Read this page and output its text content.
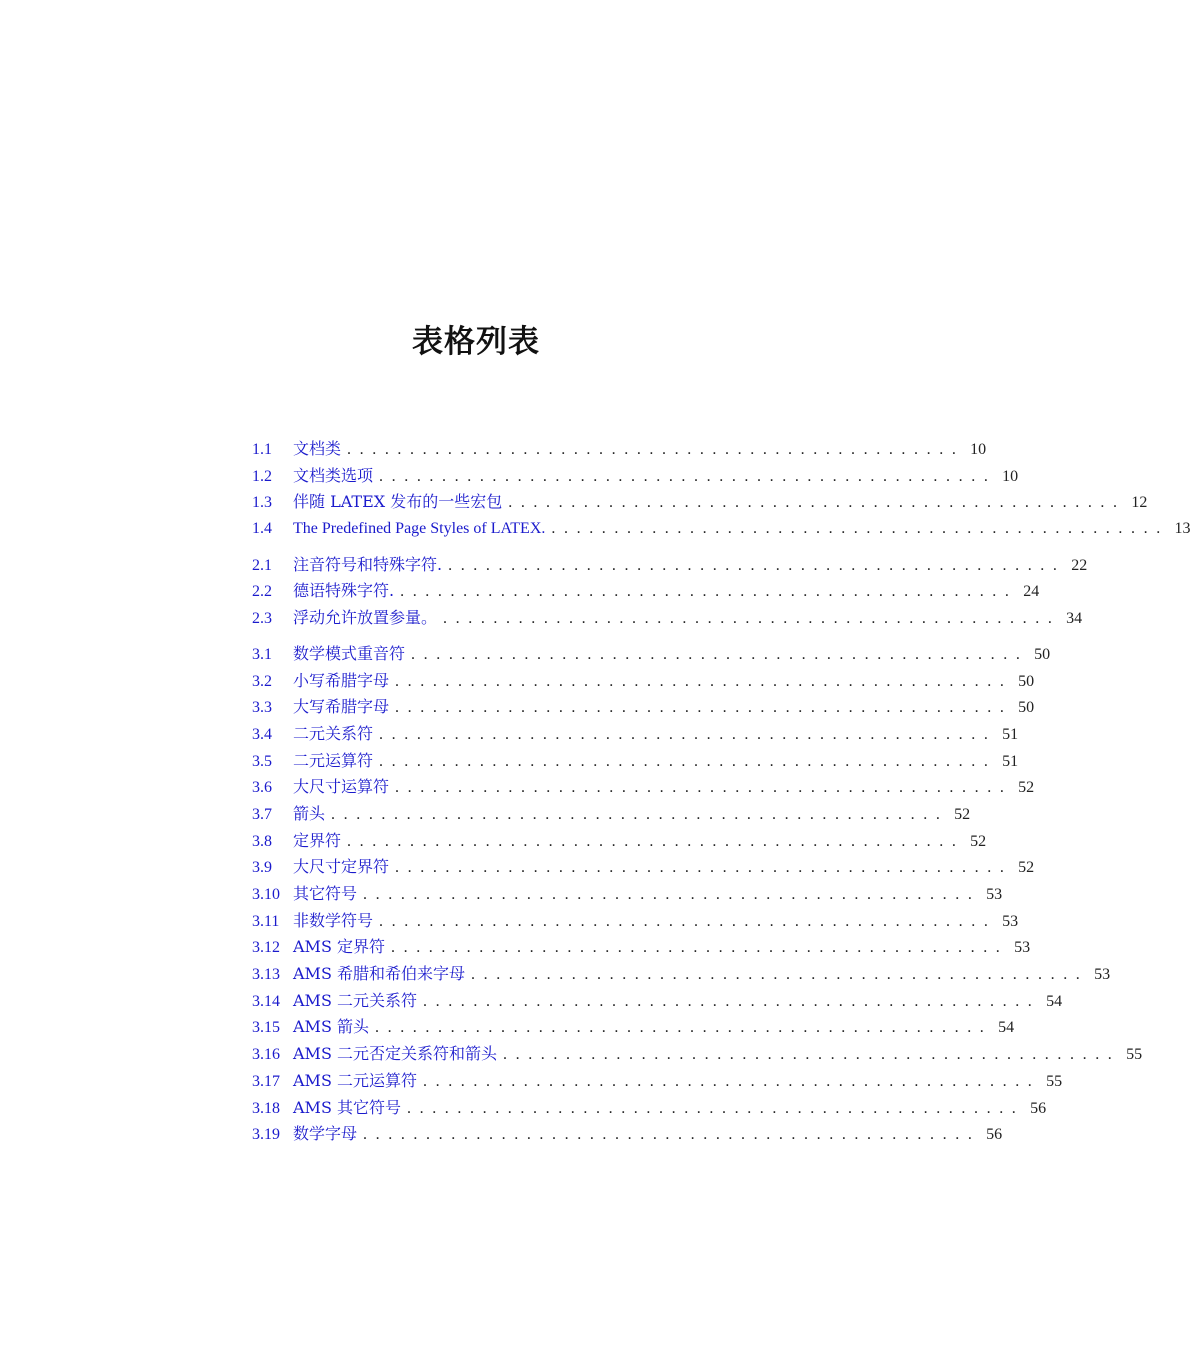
表格列表
1.1	文档类 . . . . . . . . . . . . . . . . . . . . . . . . . . . . . . . . . . . . . . . . . . . . . . . . . 10
1.2	文档类选项 . . . . . . . . . . . . . . . . . . . . . . . . . . . . . . . . . . . . . . . . . . . . . . . . . 10
1.3	伴随 LATEX 发布的一些宏包 . . . . . . . . . . . . . . . . . . . . . . . . . . . . . . . . . . . . . . . . . . . . . . . . . 12
1.4	The Predefined Page Styles of LATEX. . . . . . . . . . . . . . . . . . . . . . . . . . . . . . . . . . . . . . . . . . . . . . . . . . 13
2.1	注音符号和特殊字符. . . . . . . . . . . . . . . . . . . . . . . . . . . . . . . . . . . . . . . . . . . . . . . . . . 22
2.2	德语特殊字符. . . . . . . . . . . . . . . . . . . . . . . . . . . . . . . . . . . . . . . . . . . . . . . . . . 24
2.3	浮动允许放置参量。 . . . . . . . . . . . . . . . . . . . . . . . . . . . . . . . . . . . . . . . . . . . . . . . . . 34
3.1	数学模式重音符 . . . . . . . . . . . . . . . . . . . . . . . . . . . . . . . . . . . . . . . . . . . . . . . . . 50
3.2	小写希腊字母 . . . . . . . . . . . . . . . . . . . . . . . . . . . . . . . . . . . . . . . . . . . . . . . . . 50
3.3	大写希腊字母 . . . . . . . . . . . . . . . . . . . . . . . . . . . . . . . . . . . . . . . . . . . . . . . . . 50
3.4	二元关系符 . . . . . . . . . . . . . . . . . . . . . . . . . . . . . . . . . . . . . . . . . . . . . . . . . 51
3.5	二元运算符 . . . . . . . . . . . . . . . . . . . . . . . . . . . . . . . . . . . . . . . . . . . . . . . . . 51
3.6	大尺寸运算符 . . . . . . . . . . . . . . . . . . . . . . . . . . . . . . . . . . . . . . . . . . . . . . . . . 52
3.7	箭头 . . . . . . . . . . . . . . . . . . . . . . . . . . . . . . . . . . . . . . . . . . . . . . . . . 52
3.8	定界符 . . . . . . . . . . . . . . . . . . . . . . . . . . . . . . . . . . . . . . . . . . . . . . . . . 52
3.9	大尺寸定界符 . . . . . . . . . . . . . . . . . . . . . . . . . . . . . . . . . . . . . . . . . . . . . . . . . 52
3.10 其它符号 . . . . . . . . . . . . . . . . . . . . . . . . . . . . . . . . . . . . . . . . . . . . . . . . . 53
3.11 非数学符号 . . . . . . . . . . . . . . . . . . . . . . . . . . . . . . . . . . . . . . . . . . . . . . . . . 53
3.12 AMS 定界符 . . . . . . . . . . . . . . . . . . . . . . . . . . . . . . . . . . . . . . . . . . . . . . . . . 53
3.13 AMS 希腊和希伯来字母 . . . . . . . . . . . . . . . . . . . . . . . . . . . . . . . . . . . . . . . . . . . . . . . . . 53
3.14 AMS 二元关系符 . . . . . . . . . . . . . . . . . . . . . . . . . . . . . . . . . . . . . . . . . . . . . . . . . 54
3.15 AMS 箭头 . . . . . . . . . . . . . . . . . . . . . . . . . . . . . . . . . . . . . . . . . . . . . . . . . 54
3.16 AMS 二元否定关系符和箭头 . . . . . . . . . . . . . . . . . . . . . . . . . . . . . . . . . . . . . . . . . . . . . . . . . 55
3.17 AMS 二元运算符 . . . . . . . . . . . . . . . . . . . . . . . . . . . . . . . . . . . . . . . . . . . . . . . . . 55
3.18 AMS 其它符号 . . . . . . . . . . . . . . . . . . . . . . . . . . . . . . . . . . . . . . . . . . . . . . . . . 56
3.19 数学字母 . . . . . . . . . . . . . . . . . . . . . . . . . . . . . . . . . . . . . . . . . . . . . . . . . 56
